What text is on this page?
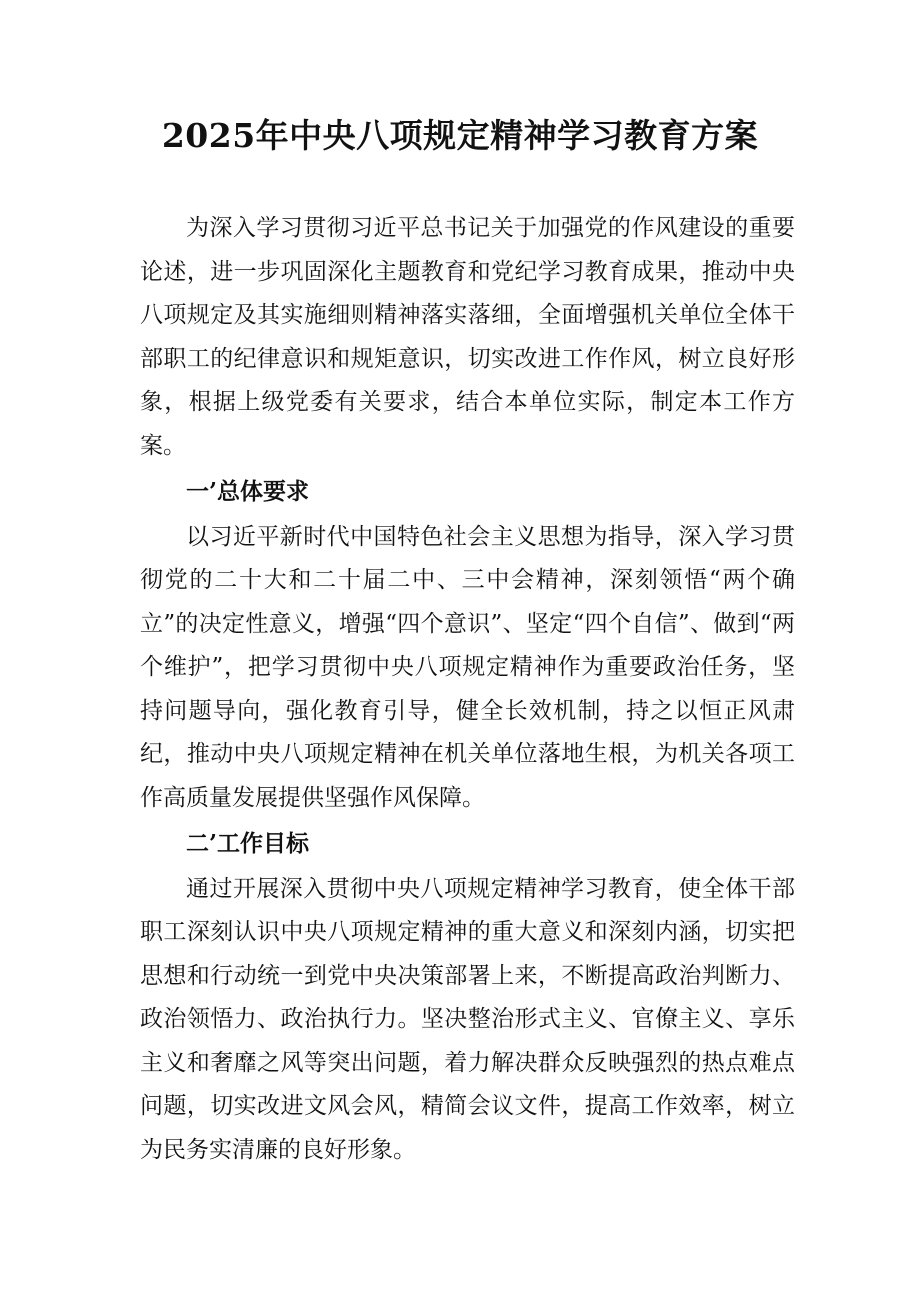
2025年中央八项规定精神学习教育方案

为深入学习贯彻习近平总书记关于加强党的作风建设的重要论述，进一步巩固深化主题教育和党纪学习教育成果，推动中央八项规定及其实施细则精神落实落细，全面增强机关单位全体干部职工的纪律意识和规矩意识，切实改进工作作风，树立良好形象，根据上级党委有关要求，结合本单位实际，制定本工作方案。

一’总体要求

以习近平新时代中国特色社会主义思想为指导，深入学习贯彻党的二十大和二十届二中、三中会精神，深刻领悟“两个确立”的决定性意义，增强“四个意识”、坚定“四个自信”、做到“两个维护”，把学习贯彻中央八项规定精神作为重要政治任务，坚持问题导向，强化教育引导，健全长效机制，持之以恒正风肃纪，推动中央八项规定精神在机关单位落地生根，为机关各项工作高质量发展提供坚强作风保障。

二’工作目标

通过开展深入贯彻中央八项规定精神学习教育，使全体干部职工深刻认识中央八项规定精神的重大意义和深刻内涵，切实把思想和行动统一到党中央决策部署上来，不断提高政治判断力、政治领悟力、政治执行力。坚决整治形式主义、官僚主义、享乐主义和奢靡之风等突出问题，着力解决群众反映强烈的热点难点问题，切实改进文风会风，精简会议文件，提高工作效率，树立为民务实清廉的良好形象。
